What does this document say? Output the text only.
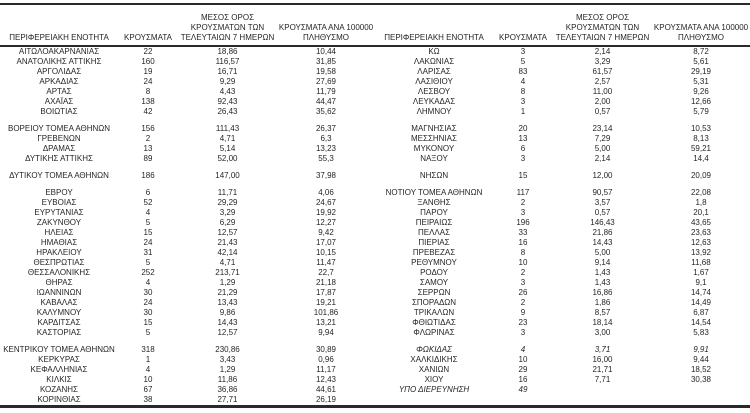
ΠΕΡΙΦΕΡΕΙΑΚΗ ΕΝΟΤΗΤΑ	ΚΡΟΥΣΜΑΤΑ	ΜΕΣΟΣ ΟΡΟΣ
ΚΡΟΥΣΜΑΤΩΝ ΤΩΝ
ΤΕΛΕΥΤΑΙΩΝ 7 ΗΜΕΡΩΝ	ΚΡΟΥΣΜΑΤΑ ΑΝΑ 100000
ΠΛΗΘΥΣΜΟ	ΠΕΡΙΦΕΡΕΙΑΚΗ ΕΝΟΤΗΤΑ	ΚΡΟΥΣΜΑΤΑ	ΜΕΣΟΣ ΟΡΟΣ
ΚΡΟΥΣΜΑΤΩΝ ΤΩΝ
ΤΕΛΕΥΤΑΙΩΝ 7 ΗΜΕΡΩΝ	ΚΡΟΥΣΜΑΤΑ ΑΝΑ 100000
ΠΛΗΘΥΣΜΟ

ΑΙΤΩΛΟΑΚΑΡΝΑΝΙΑΣ	22	18,86	10,44	ΚΩ	3	2,14	8,72
ΑΝΑΤΟΛΙΚΗΣ ΑΤΤΙΚΗΣ	160	116,57	31,85	ΛΑΚΩΝΙΑΣ	5	3,29	5,61
ΑΡΓΟΛΙΔΑΣ	19	16,71	19,58	ΛΑΡΙΣΑΣ	83	61,57	29,19
ΑΡΚΑΔΙΑΣ	24	9,29	27,69	ΛΑΣΙΘΙΟΥ	4	2,57	5,31
ΑΡΤΑΣ	8	4,43	11,79	ΛΕΣΒΟΥ	8	11,00	9,26
ΑΧΑΪΑΣ	138	92,43	44,47	ΛΕΥΚΑΔΑΣ	3	2,00	12,66
ΒΟΙΩΤΙΑΣ	42	26,43	35,62	ΛΗΜΝΟΥ	1	0,57	5,79

ΒΟΡΕΙΟΥ ΤΟΜΕΑ ΑΘΗΝΩΝ	156	111,43	26,37	ΜΑΓΝΗΣΙΑΣ	20	23,14	10,53
ΓΡΕΒΕΝΩΝ	2	4,71	6,3	ΜΕΣΣΗΝΙΑΣ	13	7,29	8,13
ΔΡΑΜΑΣ	13	5,14	13,23	ΜΥΚΟΝΟΥ	6	5,00	59,21
ΔΥΤΙΚΗΣ ΑΤΤΙΚΗΣ	89	52,00	55,3	ΝΑΞΟΥ	3	2,14	14,4

ΔΥΤΙΚΟΥ ΤΟΜΕΑ ΑΘΗΝΩΝ	186	147,00	37,98	ΝΗΣΩΝ	15	12,00	20,09

ΕΒΡΟΥ	6	11,71	4,06	ΝΟΤΙΟΥ ΤΟΜΕΑ ΑΘΗΝΩΝ	117	90,57	22,08
ΕΥΒΟΙΑΣ	52	29,29	24,67	ΞΑΝΘΗΣ	2	3,57	1,8
ΕΥΡΥΤΑΝΙΑΣ	4	3,29	19,92	ΠΑΡΟΥ	3	0,57	20,1
ΖΑΚΥΝΘΟΥ	5	6,29	12,27	ΠΕΙΡΑΙΩΣ	196	146,43	43,65
ΗΛΕΙΑΣ	15	12,57	9,42	ΠΕΛΛΑΣ	33	21,86	23,63
ΗΜΑΘΙΑΣ	24	21,43	17,07	ΠΙΕΡΙΑΣ	16	14,43	12,63
ΗΡΑΚΛΕΙΟΥ	31	42,14	10,15	ΠΡΕΒΕΖΑΣ	8	5,00	13,92
ΘΕΣΠΡΩΤΙΑΣ	5	4,71	11,47	ΡΕΘΥΜΝΟΥ	10	9,14	11,68
ΘΕΣΣΑΛΟΝΙΚΗΣ	252	213,71	22,7	ΡΟΔΟΥ	2	1,43	1,67
ΘΗΡΑΣ	4	1,29	21,18	ΣΑΜΟΥ	3	1,43	9,1
ΙΩΑΝΝΙΝΩΝ	30	21,29	17,87	ΣΕΡΡΩΝ	26	16,86	14,74
ΚΑΒΑΛΑΣ	24	13,43	19,21	ΣΠΟΡΑΔΩΝ	2	1,86	14,49
ΚΑΛΥΜΝΟΥ	30	9,86	101,86	ΤΡΙΚΑΛΩΝ	9	8,57	6,87
ΚΑΡΔΙΤΣΑΣ	15	14,43	13,21	ΦΘΙΩΤΙΔΑΣ	23	18,14	14,54
ΚΑΣΤΟΡΙΑΣ	5	12,57	9,94	ΦΛΩΡΙΝΑΣ	3	3,00	5,83

ΚΕΝΤΡΙΚΟΥ ΤΟΜΕΑ ΑΘΗΝΩΝ	318	230,86	30,89	ΦΩΚΙΔΑΣ	4	3,71	9,91
ΚΕΡΚΥΡΑΣ	1	3,43	0,96	ΧΑΛΚΙΔΙΚΗΣ	10	16,00	9,44
ΚΕΦΑΛΛΗΝΙΑΣ	4	1,29	11,17	ΧΑΝΙΩΝ	29	21,71	18,52
ΚΙΛΚΙΣ	10	11,86	12,43	ΧΙΟΥ	16	7,71	30,38
ΚΟΖΑΝΗΣ	67	36,86	44,61	ΥΠΟ ΔΙΕΡΕΥΝΗΣΗ	49		
ΚΟΡΙΝΘΙΑΣ	38	27,71	26,19				
